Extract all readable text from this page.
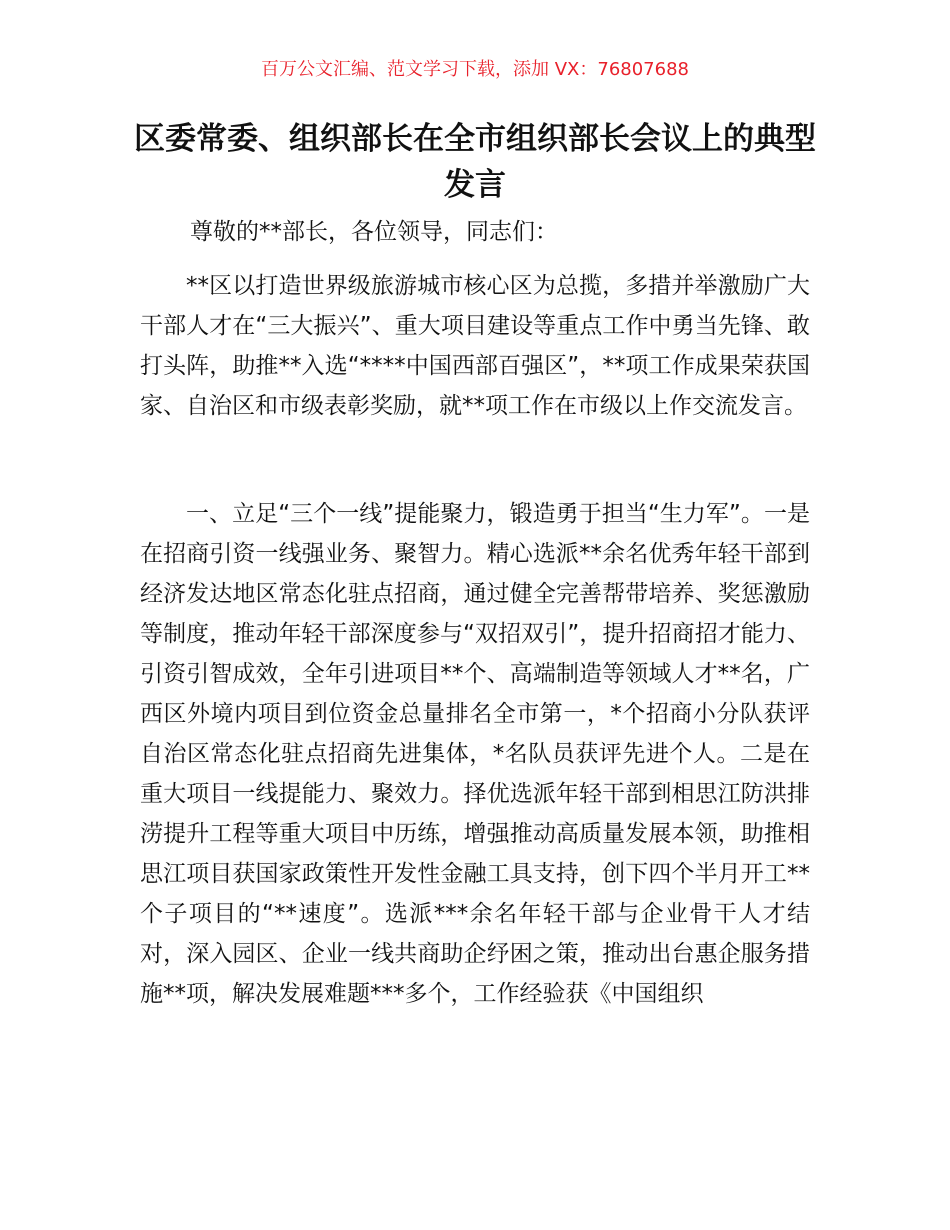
百万公文汇编、范文学习下载，添加 VX：76807688
区委常委、组织部长在全市组织部长会议上的典型发言
尊敬的**部长，各位领导，同志们：
**区以打造世界级旅游城市核心区为总揽，多措并举激励广大干部人才在“三大振兴”、重大项目建设等重点工作中勇当先锋、敢打头阵，助推**入选“****中国西部百强区”，**项工作成果荣获国家、自治区和市级表彰奖励，就**项工作在市级以上作交流发言。
一、立足“三个一线”提能聚力，锻造勇于担当“生力军”。一是在招商引资一线强业务、聚智力。精心选派**余名优秀年轻干部到经济发达地区常态化驻点招商，通过健全完善帮带培养、奖惩激励等制度，推动年轻干部深度参与“双招双引”，提升招商招才能力、引资引智成效，全年引进项目**个、高端制造等领域人才**名，广西区外境内项目到位资金总量排名全市第一，*个招商小分队获评自治区常态化驻点招商先进集体，*名队员获评先进个人。二是在重大项目一线提能力、聚效力。择优选派年轻干部到相思江防洪排涝提升工程等重大项目中历练，增强推动高质量发展本领，助推相思江项目获国家政策性开发性金融工具支持，创下四个半月开工**个子项目的“**速度”。选派***余名年轻干部与企业骨干人才结对，深入园区、企业一线共商助企纾困之策，推动出台惠企服务措施**项，解决发展难题***多个，工作经验获《中国组织
